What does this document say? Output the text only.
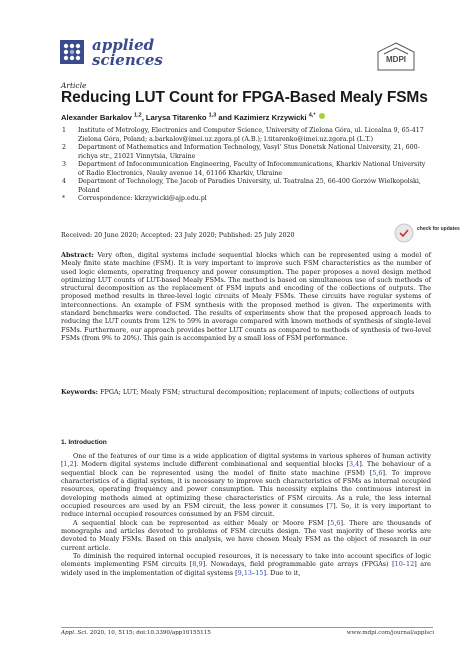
applied
sciences	MDPI
Article
Reducing LUT Count for FPGA-Based Mealy FSMs
Alexander Barkalov $^{1,2}$, Larysa Titarenko $^{1,3}$ and Kazimierz Krzywicki $^{4,*}$
1 Institute of Metrology, Electronics and Computer Science, University of Zielona Góra, ul. Licealna 9, 65-417 Zielona Góra, Poland; a.barkalov@imei.uz.zgora.pl (A.B.); l.titarenko@imei.uz.zgora.pl (L.T.)
2 Department of Mathematics and Information Technology, Vasyl’ Stus Donetsk National University, 21, 600-richya str., 21021 Vinnytsia, Ukraine
3 Department of Infocommunication Engineering, Faculty of Infocommunications, Kharkiv National University of Radio Electronics, Nauky avenue 14, 61166 Kharkiv, Ukraine
4 Department of Technology, The Jacob of Paradies University, ul. Teatralna 25, 66-400 Gorzów Wielkopolski, Poland
* Correspondence: kkrzywicki@ajp.edu.pl
Received: 20 June 2020; Accepted: 23 July 2020; Published: 25 July 2020
check for updates
Abstract: Very often, digital systems include sequential blocks which can be represented using a model of Mealy finite state machine (FSM). It is very important to improve such FSM characteristics as the number of used logic elements, operating frequency and power consumption. The paper proposes a novel design method optimizing LUT counts of LUT-based Mealy FSMs. The method is based on simultaneous use of such methods of structural decomposition as the replacement of FSM inputs and encoding of the collections of outputs. The proposed method results in three-level logic circuits of Mealy FSMs. These circuits have regular systems of interconnections. An example of FSM synthesis with the proposed method is given. The experiments with standard benchmarks were conducted. The results of experiments show that the proposed approach leads to reducing the LUT counts from 12% to 59% in average compared with known methods of synthesis of single-level FSMs. Furthermore, our approach provides better LUT counts as compared to methods of synthesis of two-level FSMs (from 9% to 20%). This gain is accompanied by a small loss of FSM performance.
Keywords: FPGA; LUT; Mealy FSM; structural decomposition; replacement of inputs; collections of outputs
1. Introduction

One of the features of our time is a wide application of digital systems in various spheres of human activity [1,2]. Modern digital systems include different combinational and sequential blocks [3,4]. The behaviour of a sequential block can be represented using the model of finite state machine (FSM) [5,6]. To improve characteristics of a digital system, it is necessary to improve such characteristics of FSMs as internal occupied resources, operating frequency and power consumption. This necessity explains the continuous interest in developing methods aimed at optimizing these characteristics of FSM circuits. As a rule, the less internal occupied resources are used by an FSM circuit, the less power it consumes [7]. So, it is very important to reduce internal occupied resources consumed by an FSM circuit.

A sequential block can be represented as either Mealy or Moore FSM [5,6]. There are thousands of monographs and articles devoted to problems of FSM circuits design. The vast majority of these works are devoted to Mealy FSMs. Based on this analysis, we have chosen Mealy FSM as the object of research in our current article.

To diminish the required internal occupied resources, it is necessary to take into account specifics of logic elements implementing FSM circuits [8,9]. Nowadays, field programmable gate arrays (FPGAs) [10–12] are widely used in the implementation of digital systems [9,13–15]. Due to it,

Appl. Sci. 2020, 10, 5115; doi:10.3390/app10155115	www.mdpi.com/journal/applsci
